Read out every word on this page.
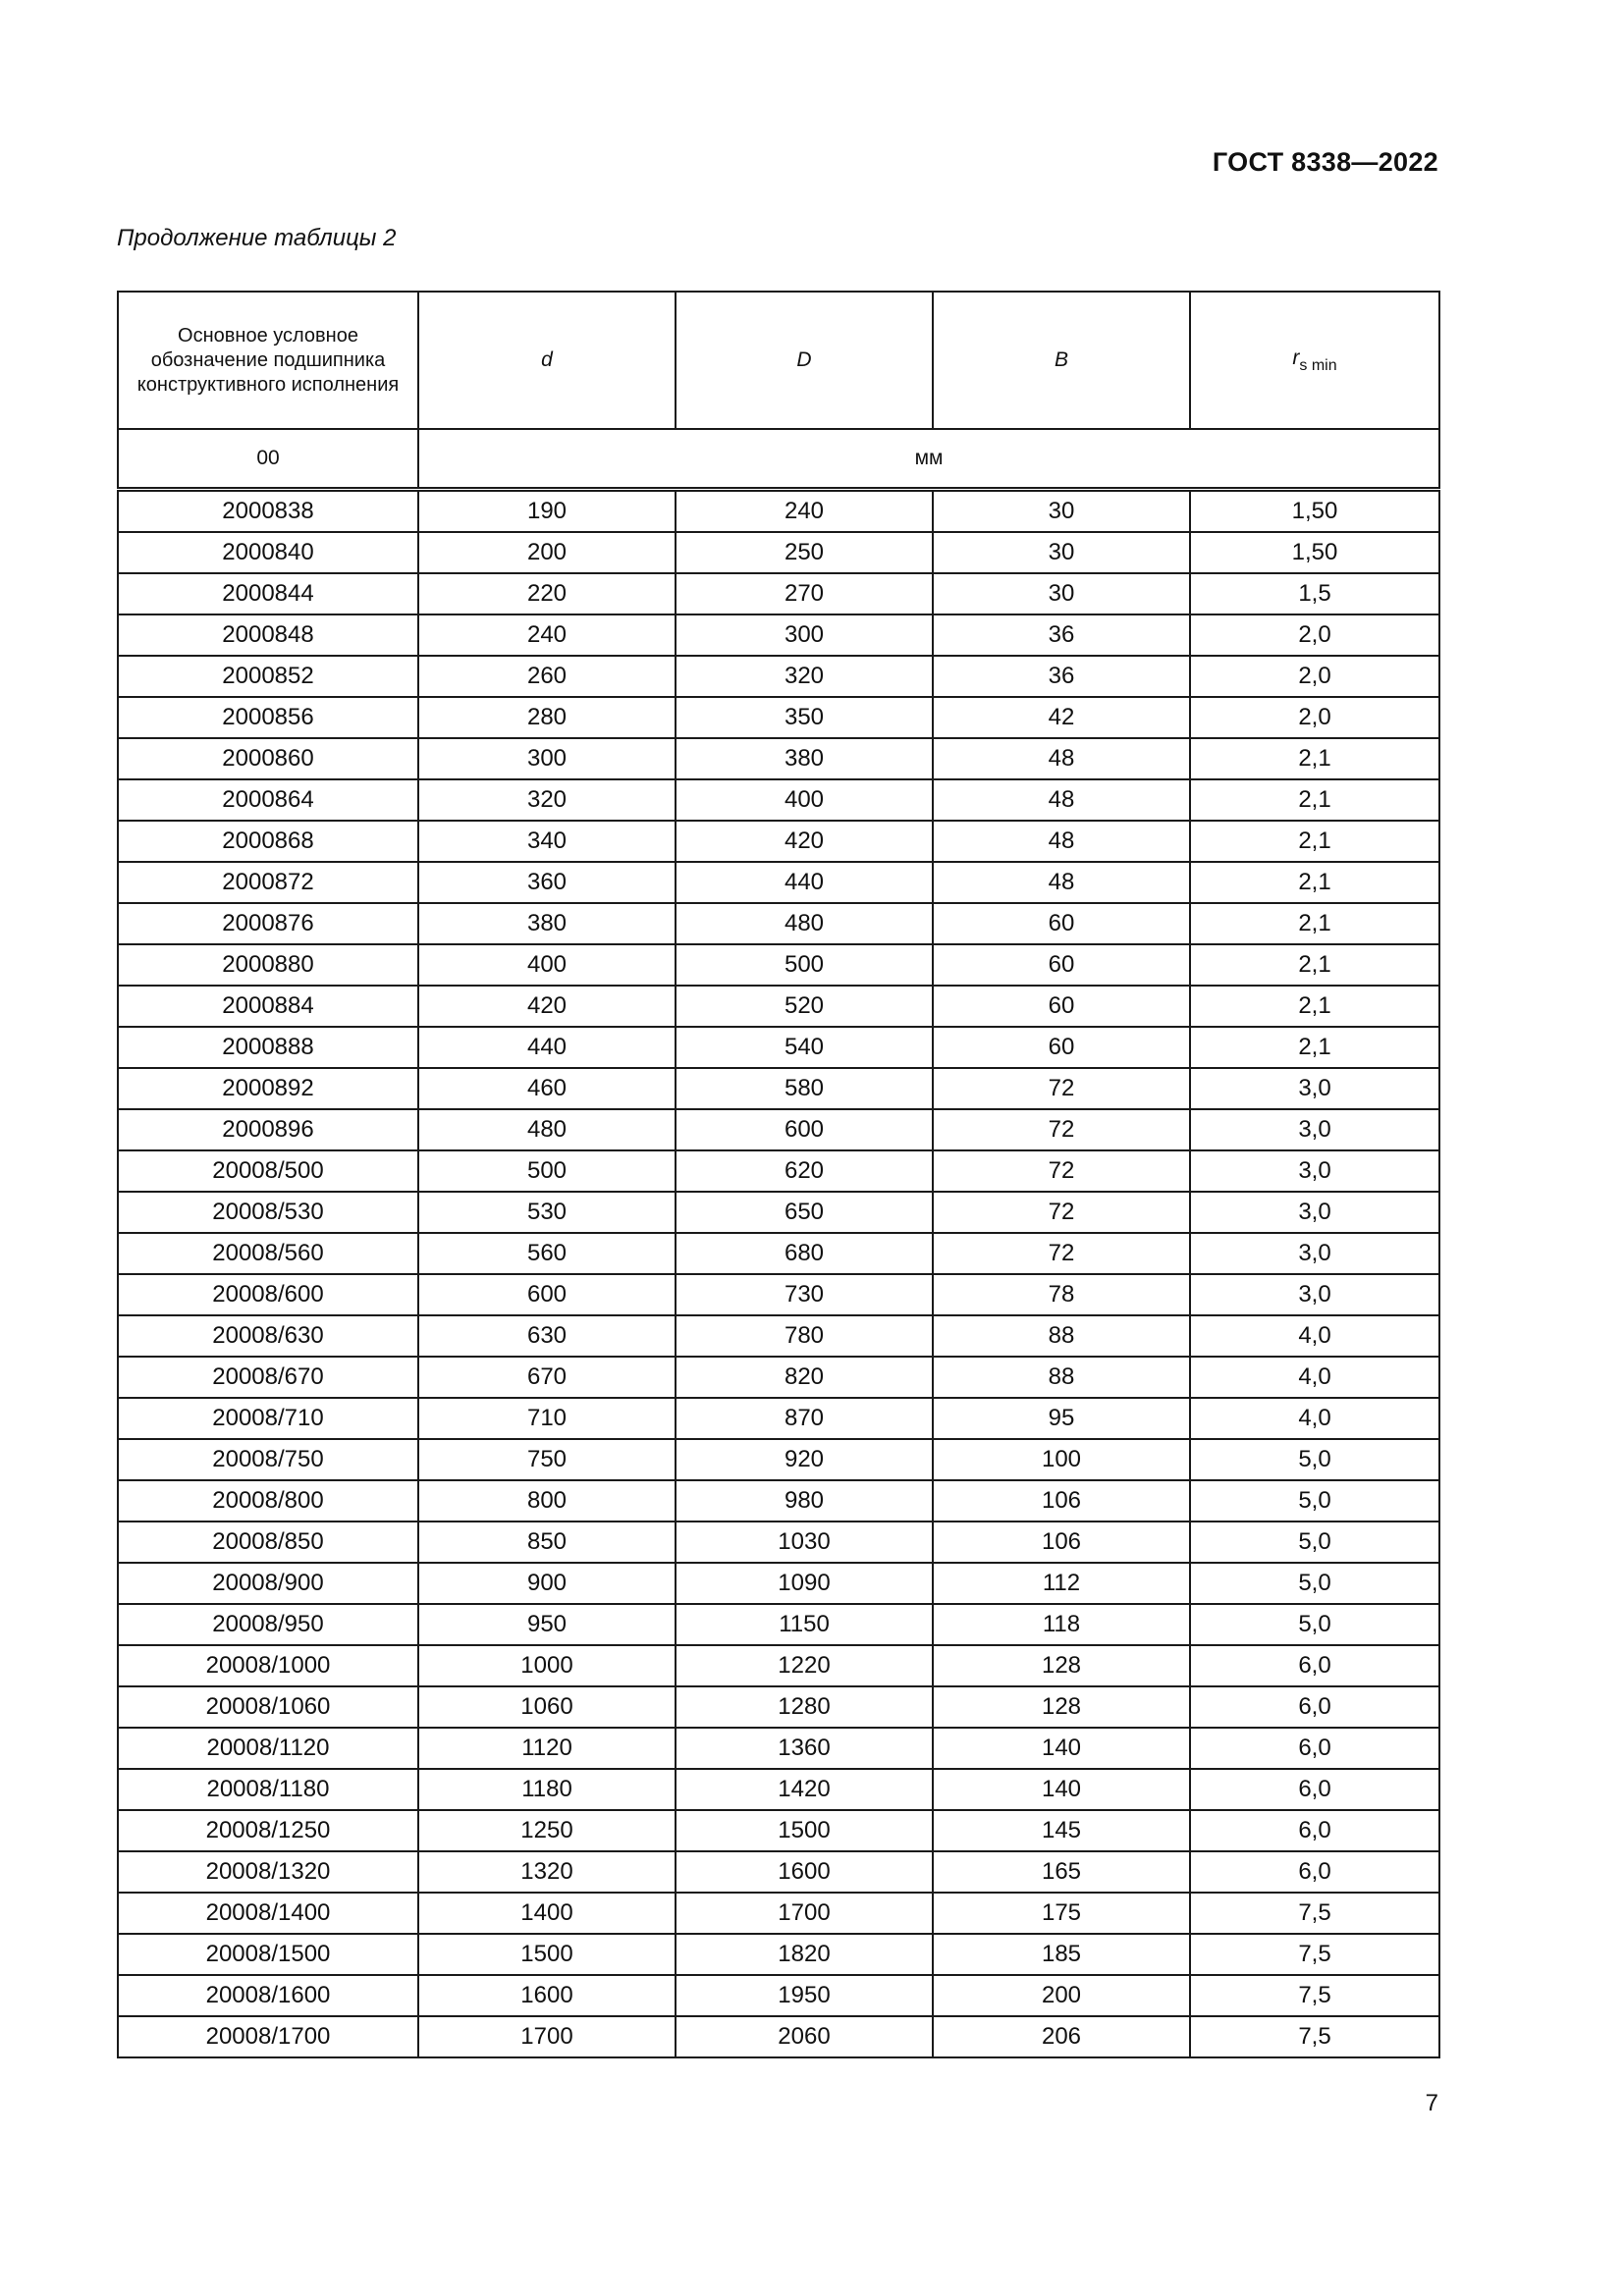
ГОСТ 8338—2022
Продолжение таблицы 2
Основное условное обозначение подшипника конструктивного исполнения	d	D	B	$r_{s min}$
00	мм			
2000838	190	240	30	1,50
2000840	200	250	30	1,50
2000844	220	270	30	1,5
2000848	240	300	36	2,0
2000852	260	320	36	2,0
2000856	280	350	42	2,0
2000860	300	380	48	2,1
2000864	320	400	48	2,1
2000868	340	420	48	2,1
2000872	360	440	48	2,1
2000876	380	480	60	2,1
2000880	400	500	60	2,1
2000884	420	520	60	2,1
2000888	440	540	60	2,1
2000892	460	580	72	3,0
2000896	480	600	72	3,0
20008/500	500	620	72	3,0
20008/530	530	650	72	3,0
20008/560	560	680	72	3,0
20008/600	600	730	78	3,0
20008/630	630	780	88	4,0
20008/670	670	820	88	4,0
20008/710	710	870	95	4,0
20008/750	750	920	100	5,0
20008/800	800	980	106	5,0
20008/850	850	1030	106	5,0
20008/900	900	1090	112	5,0
20008/950	950	1150	118	5,0
20008/1000	1000	1220	128	6,0
20008/1060	1060	1280	128	6,0
20008/1120	1120	1360	140	6,0
20008/1180	1180	1420	140	6,0
20008/1250	1250	1500	145	6,0
20008/1320	1320	1600	165	6,0
20008/1400	1400	1700	175	7,5
20008/1500	1500	1820	185	7,5
20008/1600	1600	1950	200	7,5
20008/1700	1700	2060	206	7,5
7
